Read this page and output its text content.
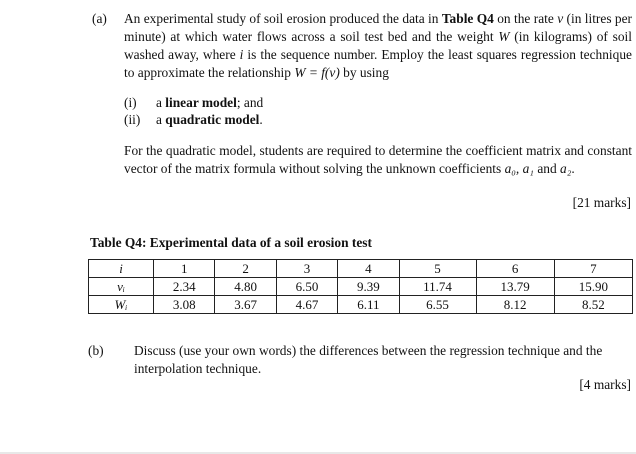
(a) An experimental study of soil erosion produced the data in Table Q4 on the rate v (in litres per minute) at which water flows across a soil test bed and the weight W (in kilograms) of soil washed away, where i is the sequence number. Employ the least squares regression technique to approximate the relationship W = f(v) by using
(i) a linear model; and
(ii) a quadratic model.
For the quadratic model, students are required to determine the coefficient matrix and constant vector of the matrix formula without solving the unknown coefficients a₀, a₁ and a₂.
[21 marks]
Table Q4: Experimental data of a soil erosion test
i	1	2	3	4	5	6	7
vᵢ	2.34	4.80	6.50	9.39	11.74	13.79	15.90
Wᵢ	3.08	3.67	4.67	6.11	6.55	8.12	8.52
(b) Discuss (use your own words) the differences between the regression technique and the interpolation technique.
[4 marks]
